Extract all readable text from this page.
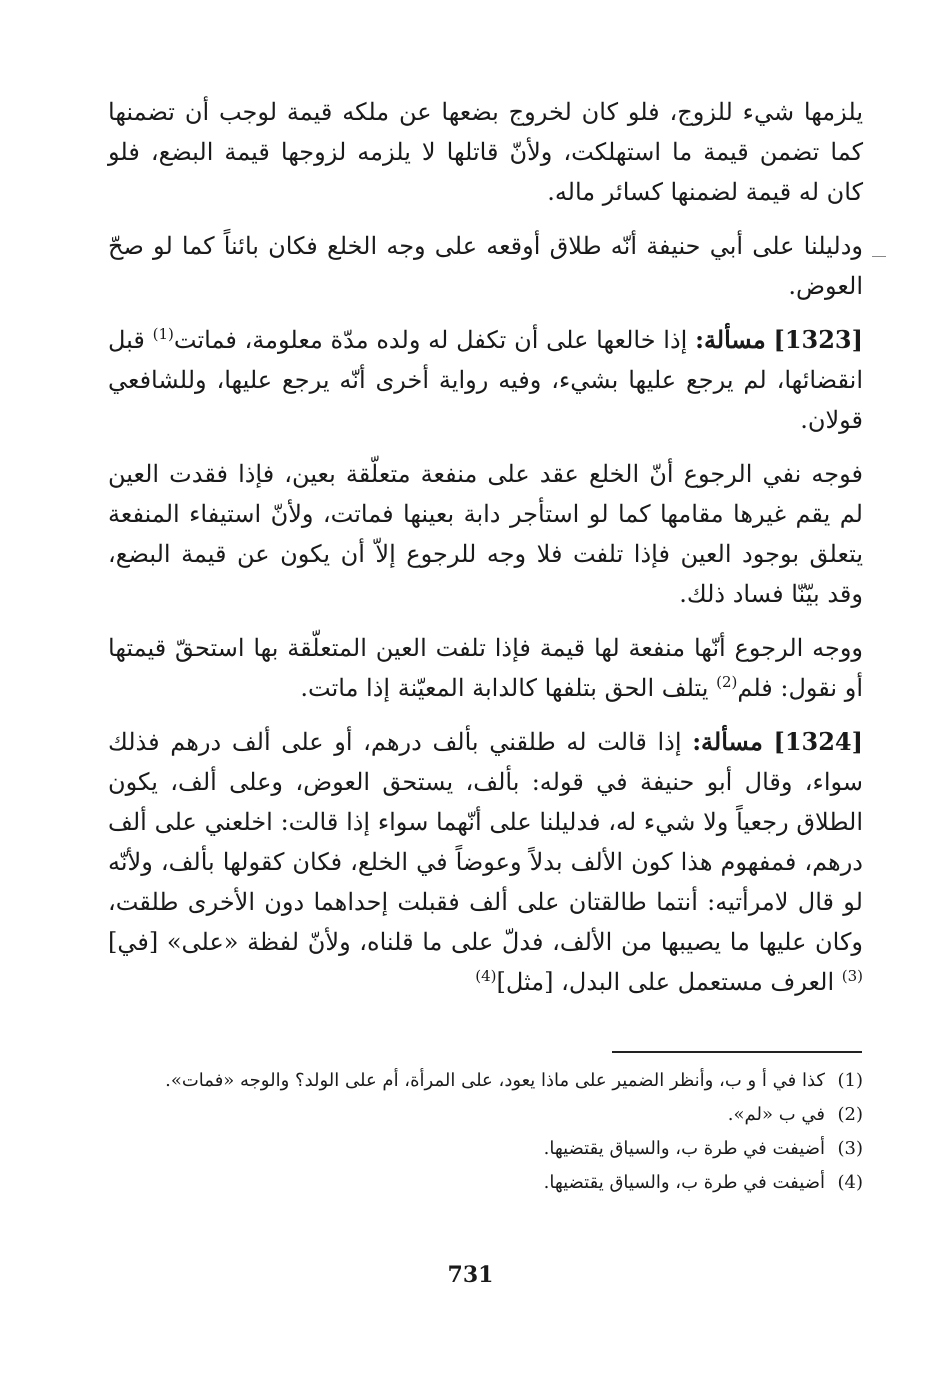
يلزمها شيء للزوج، فلو كان لخروج بضعها عن ملكه قيمة لوجب أن تضمنها كما تضمن قيمة ما استهلكت، ولأنّ قاتلها لا يلزمه لزوجها قيمة البضع، فلو كان له قيمة لضمنها كسائر ماله.

ودليلنا على أبي حنيفة أنّه طلاق أوقعه على وجه الخلع فكان بائناً كما لو صحّ العوض.

[1323] مسألة: إذا خالعها على أن تكفل له ولده مدّة معلومة، فماتت$^{(1)}$ قبل انقضائها، لم يرجع عليها بشيء، وفيه رواية أخرى أنّه يرجع عليها، وللشافعي قولان.

فوجه نفي الرجوع أنّ الخلع عقد على منفعة متعلّقة بعين، فإذا فقدت العين لم يقم غيرها مقامها كما لو استأجر دابة بعينها فماتت، ولأنّ استيفاء المنفعة يتعلق بوجود العين فإذا تلفت فلا وجه للرجوع إلاّ أن يكون عن قيمة البضع، وقد بيّنّا فساد ذلك.

ووجه الرجوع أنّها منفعة لها قيمة فإذا تلفت العين المتعلّقة بها استحقّ قيمتها أو نقول: فلم$^{(2)}$ يتلف الحق بتلفها كالدابة المعيّنة إذا ماتت.

[1324] مسألة: إذا قالت له طلقني بألف درهم، أو على ألف درهم فذلك سواء، وقال أبو حنيفة في قوله: بألف، يستحق العوض، وعلى ألف، يكون الطلاق رجعياً ولا شيء له، فدليلنا على أنّهما سواء إذا قالت: اخلعني على ألف درهم، فمفهوم هذا كون الألف بدلاً وعوضاً في الخلع، فكان كقولها بألف، ولأنّه لو قال لامرأتيه: أنتما طالقتان على ألف فقبلت إحداهما دون الأخرى طلقت، وكان عليها ما يصيبها من الألف، فدلّ على ما قلناه، ولأنّ لفظة «على» [في]$^{(3)}$ العرف مستعمل على البدل، [مثل]$^{(4)}$

(1)
كذا في أ و ب، وأنظر الضمير على ماذا يعود، على المرأة، أم على الولد؟ والوجه «فمات».
(2)
في ب «لم».
(3)
أضيفت في طرة ب، والسياق يقتضيها.
(4)
أضيفت في طرة ب، والسياق يقتضيها.
731
